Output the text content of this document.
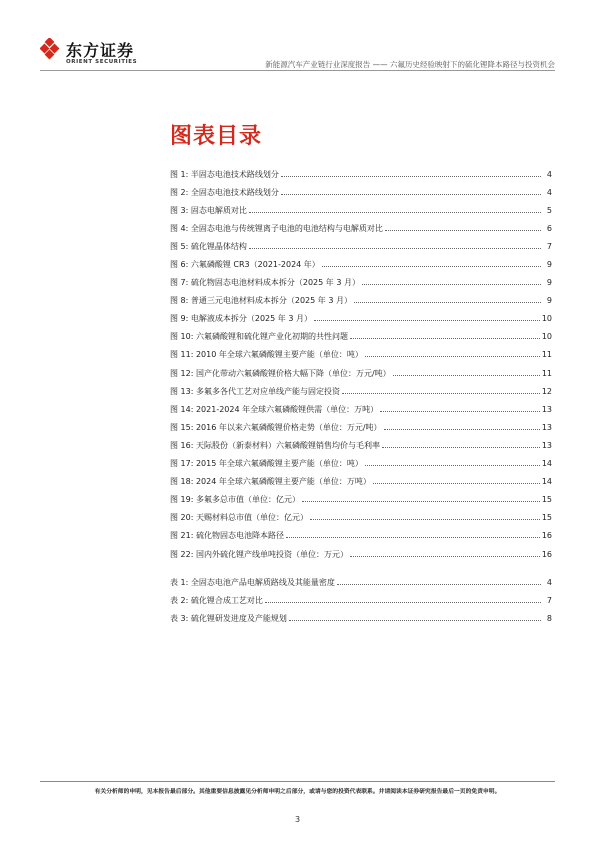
东方证券
ORIENT SECURITIES	新能源汽车产业链行业深度报告 —— 六氟历史经验映射下的硫化锂降本路径与投资机会
图表目录
图 1: 半固态电池技术路线划分	4
图 2: 全固态电池技术路线划分	4
图 3: 固态电解质对比	5
图 4: 全固态电池与传统锂离子电池的电池结构与电解质对比	6
图 5: 硫化锂晶体结构	7
图 6: 六氟磷酸锂 CR3（2021-2024 年）	9
图 7: 硫化物固态电池材料成本拆分（2025 年 3 月）	9
图 8: 普通三元电池材料成本拆分（2025 年 3 月）	9
图 9: 电解液成本拆分（2025 年 3 月）	10
图 10: 六氟磷酸锂和硫化锂产业化初期的共性问题	10
图 11: 2010 年全球六氟磷酸锂主要产能（单位：吨）	11
图 12: 国产化带动六氟磷酸锂价格大幅下降（单位：万元/吨）	11
图 13: 多氟多各代工艺对应单线产能与固定投资	12
图 14: 2021-2024 年全球六氟磷酸锂供需（单位：万吨）	13
图 15: 2016 年以来六氟磷酸锂价格走势（单位：万元/吨）	13
图 16: 天际股份（新泰材料）六氟磷酸锂销售均价与毛利率	13
图 17: 2015 年全球六氟磷酸锂主要产能（单位：吨）	14
图 18: 2024 年全球六氟磷酸锂主要产能（单位：万吨）	14
图 19: 多氟多总市值（单位：亿元）	15
图 20: 天赐材料总市值（单位：亿元）	15
图 21: 硫化物固态电池降本路径	16
图 22: 国内外硫化锂产线单吨投资（单位：万元）	16
表 1: 全固态电池产品电解质路线及其能量密度	4
表 2: 硫化锂合成工艺对比	7
表 3: 硫化锂研发进度及产能规划	8
有关分析师的申明，见本报告最后部分。其他重要信息披露见分析师申明之后部分，或请与您的投资代表联系。并请阅读本证券研究报告最后一页的免责申明。
3
